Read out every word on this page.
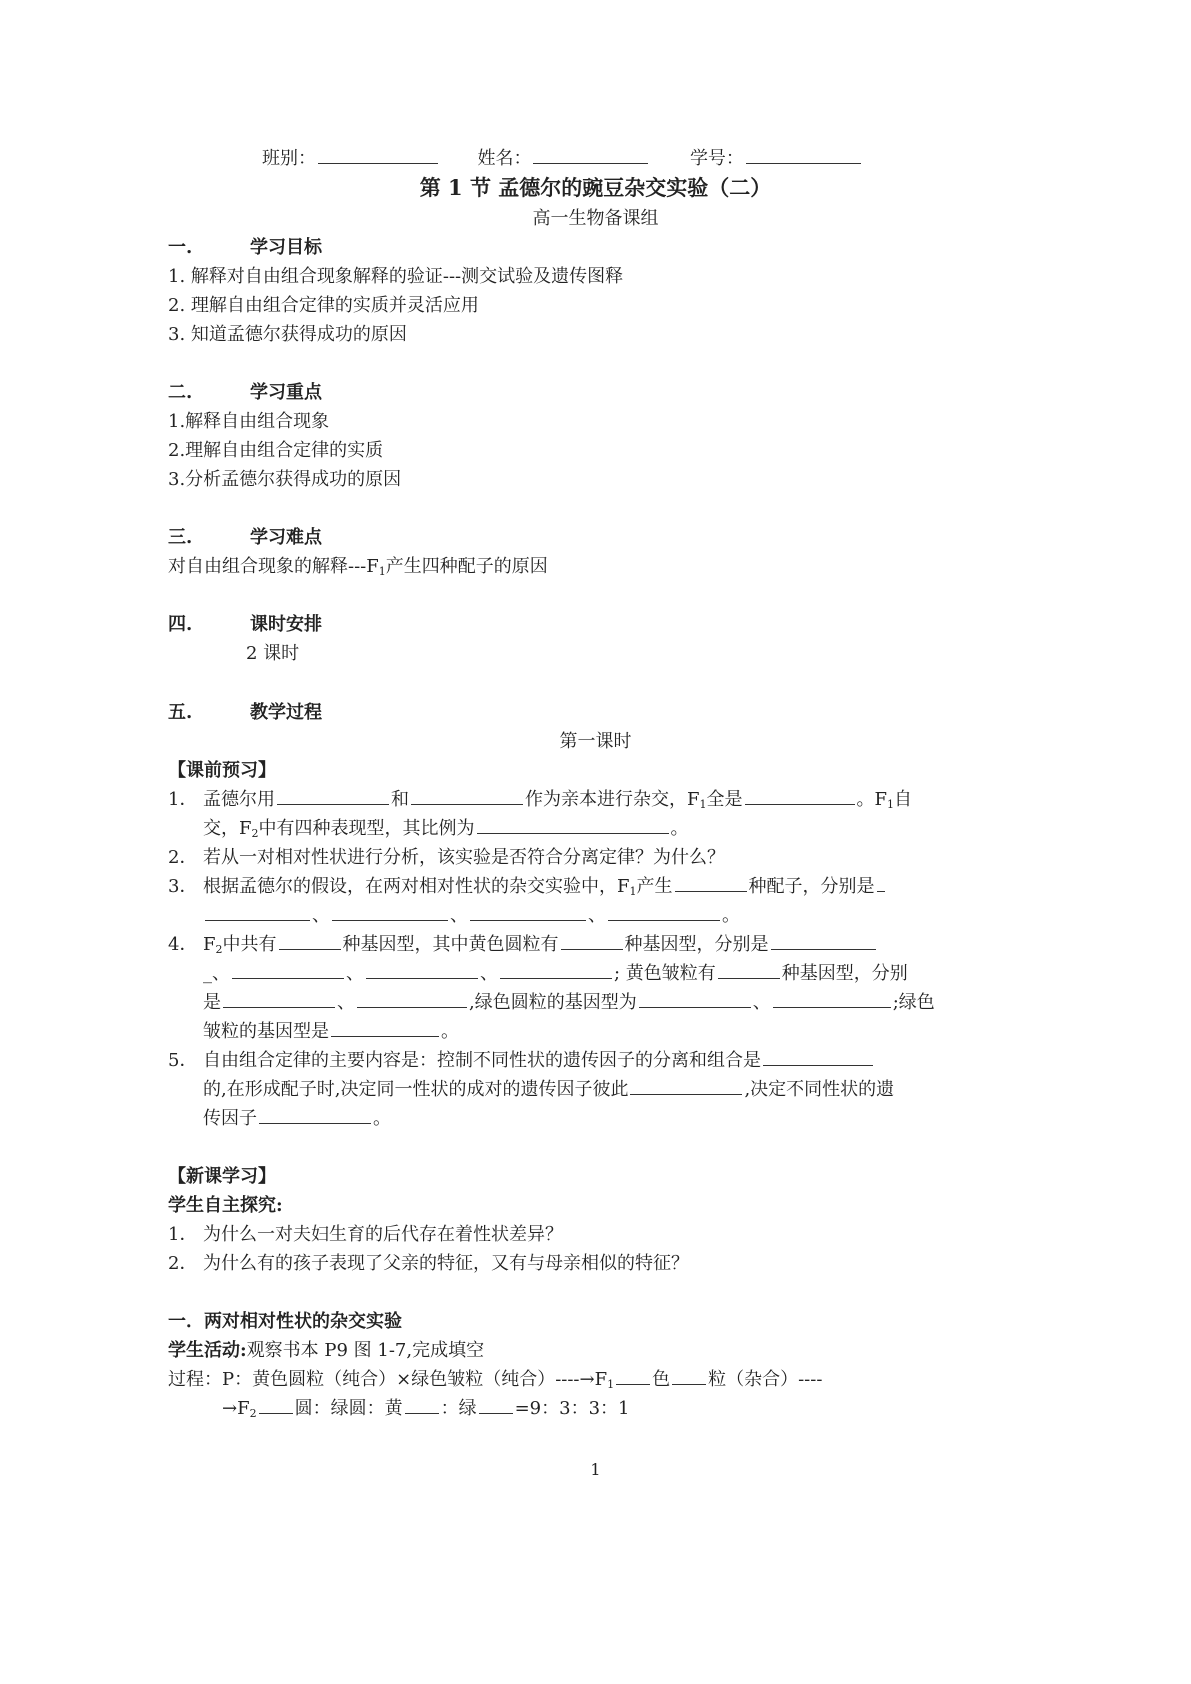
班别：	姓名：	学号：
第 1 节 孟德尔的豌豆杂交实验（二）
高一生物备课组
一.	学习目标
1. 解释对自由组合现象解释的验证---测交试验及遗传图释
2. 理解自由组合定律的实质并灵活应用
3. 知道孟德尔获得成功的原因
二.	学习重点
1.解释自由组合现象
2.理解自由组合定律的实质
3.分析孟德尔获得成功的原因
三.	学习难点
对自由组合现象的解释$---F_1$产生四种配子的原因
四.	课时安排
2 课时
五.	教学过程
第一课时
【课前预习】
1． 孟德尔用	和	作为亲本进行杂交，$F_1$全是	。$F_1$自
交，$F_2$中有四种表现型，其比例为	。
2． 若从一对相对性状进行分析，该实验是否符合分离定律？为什么？
3． 根据孟德尔的假设，在两对相对性状的杂交实验中，$F_1$产生	种配子，分别是
、	、	、	。
4． $F_2$中共有	种基因型，其中黄色圆粒有	种基因型，分别是
_、	、	、	; 黄色皱粒有	种基因型，分别
是	、	,绿色圆粒的基因型为	、	;绿色
皱粒的基因型是	。
5． 自由组合定律的主要内容是：控制不同性状的遗传因子的分离和组合是
的,在形成配子时,决定同一性状的成对的遗传因子彼此	,决定不同性状的遗
传因子	。
【新课学习】
学生自主探究:
1． 为什么一对夫妇生育的后代存在着性状差异？
2． 为什么有的孩子表现了父亲的特征，又有与母亲相似的特征？
一．两对相对性状的杂交实验
学生活动:观察书本 P9 图 1-7,完成填空
过程：P：黄色圆粒（纯合）×绿色皱粒（纯合）$----\to F_1$ 色 粒（杂合）----
$\to F_2$ 圆：绿圆：黄 ：绿 =9：3：3：1
1
